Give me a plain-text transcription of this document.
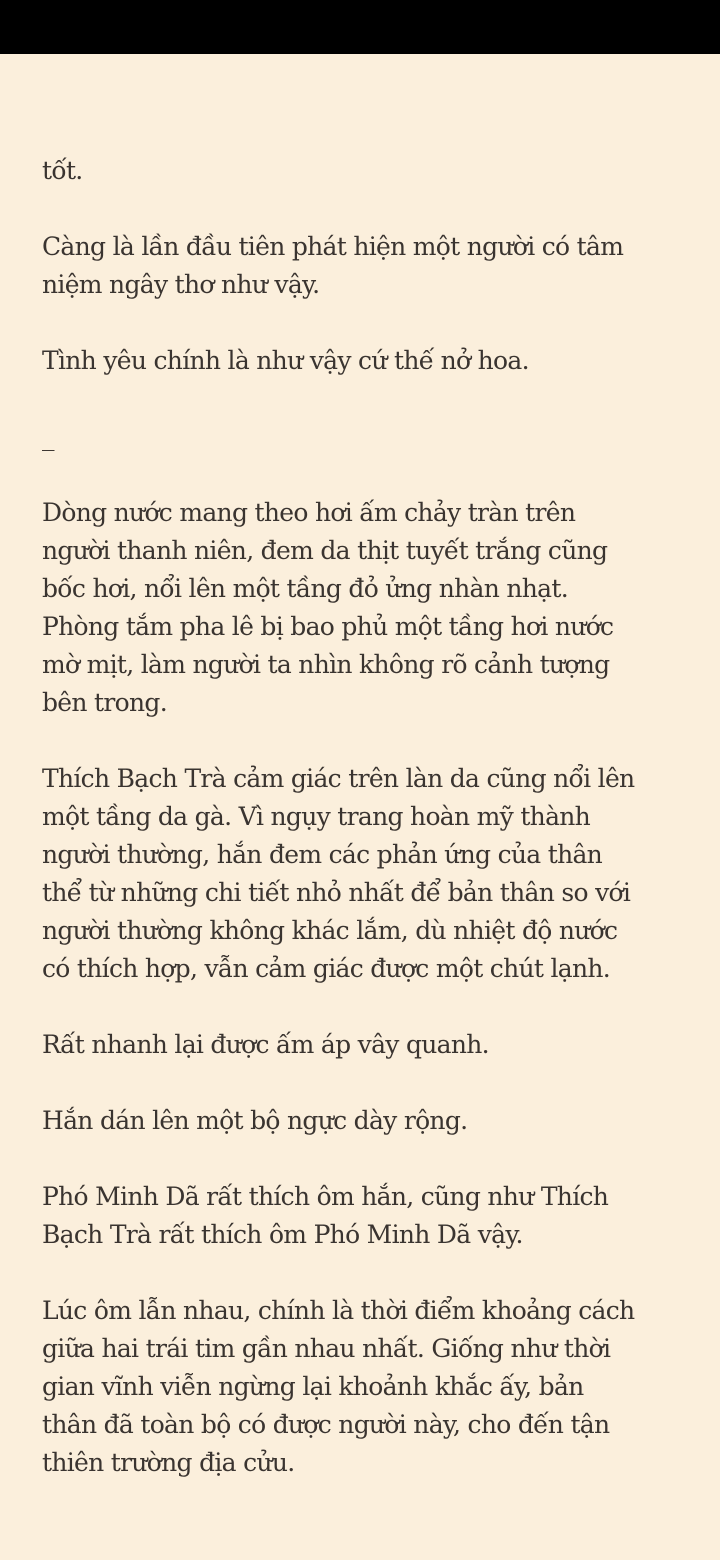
tốt.

Càng là lần đầu tiên phát hiện một người có tâm
niệm ngây thơ như vậy.

Tình yêu chính là như vậy cứ thế nở hoa.

_

Dòng nước mang theo hơi ấm chảy tràn trên
người thanh niên, đem da thịt tuyết trắng cũng
bốc hơi, nổi lên một tầng đỏ ửng nhàn nhạt.
Phòng tắm pha lê bị bao phủ một tầng hơi nước
mờ mịt, làm người ta nhìn không rõ cảnh tượng
bên trong.

Thích Bạch Trà cảm giác trên làn da cũng nổi lên
một tầng da gà. Vì ngụy trang hoàn mỹ thành
người thường, hắn đem các phản ứng của thân
thể từ những chi tiết nhỏ nhất để bản thân so với
người thường không khác lắm, dù nhiệt độ nước
có thích hợp, vẫn cảm giác được một chút lạnh.

Rất nhanh lại được ấm áp vây quanh.

Hắn dán lên một bộ ngực dày rộng.

Phó Minh Dã rất thích ôm hắn, cũng như Thích
Bạch Trà rất thích ôm Phó Minh Dã vậy.

Lúc ôm lẫn nhau, chính là thời điểm khoảng cách
giữa hai trái tim gần nhau nhất. Giống như thời
gian vĩnh viễn ngừng lại khoảnh khắc ấy, bản
thân đã toàn bộ có được người này, cho đến tận
thiên trường địa cửu.
